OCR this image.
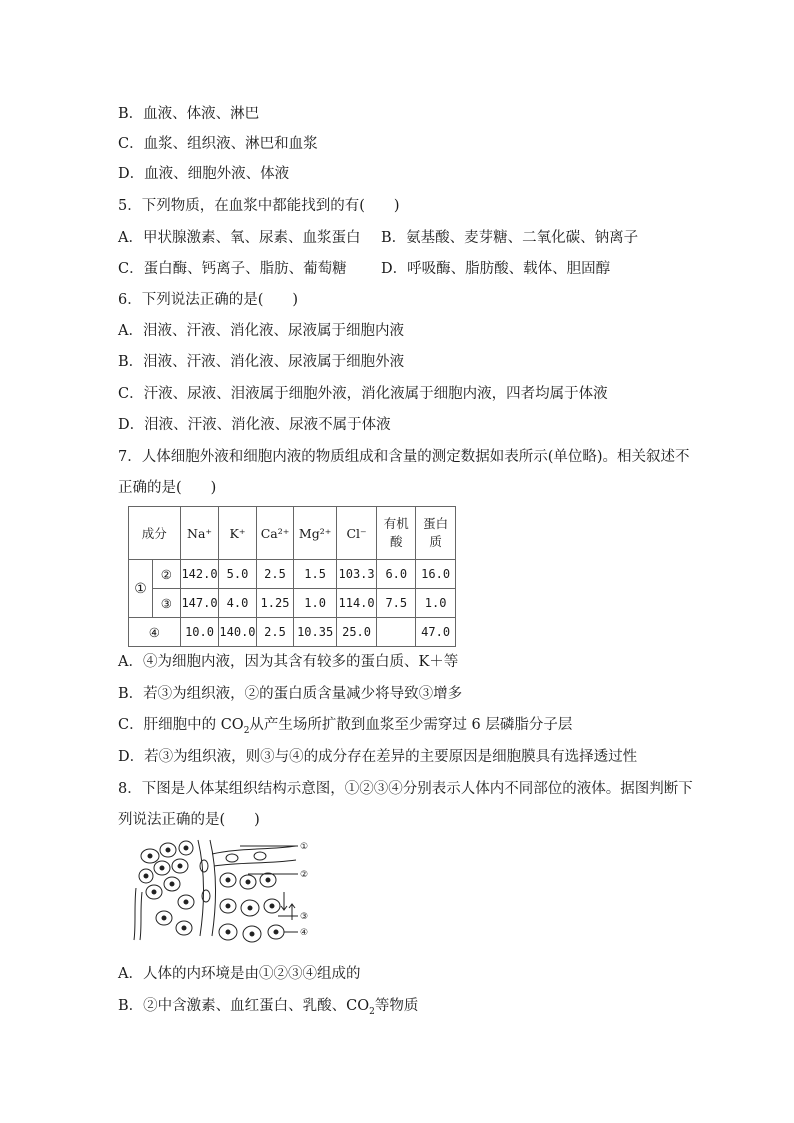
B．血液、体液、淋巴
C．血浆、组织液、淋巴和血浆
D．血液、细胞外液、体液
5．下列物质，在血浆中都能找到的有(　　)
A．甲状腺激素、氧、尿素、血浆蛋白 B．氨基酸、麦芽糖、二氧化碳、钠离子
C．蛋白酶、钙离子、脂肪、葡萄糖 D．呼吸酶、脂肪酸、载体、胆固醇
6．下列说法正确的是(　　)
A．泪液、汗液、消化液、尿液属于细胞内液
B．泪液、汗液、消化液、尿液属于细胞外液
C．汗液、尿液、泪液属于细胞外液，消化液属于细胞内液，四者均属于体液
D．泪液、汗液、消化液、尿液不属于体液
7．人体细胞外液和细胞内液的物质组成和含量的测定数据如表所示(单位略)。相关叙述不
正确的是(　　)
成分		Na⁺	K⁺	Ca²⁺	Mg²⁺	Cl⁻	有机酸	蛋白质
①	②	142.0	5.0	2.5	1.5	103.3	6.0	16.0
	③	147.0	4.0	1.25	1.0	114.0	7.5	1.0
④		10.0	140.0	2.5	10.35	25.0		47.0
A．④为细胞内液，因为其含有较多的蛋白质、K＋等
B．若③为组织液，②的蛋白质含量减少将导致③增多
C．肝细胞中的 $CO_2$从产生场所扩散到血浆至少需穿过 6 层磷脂分子层
D．若③为组织液，则③与④的成分存在差异的主要原因是细胞膜具有选择透过性
8．下图是人体某组织结构示意图，①②③④分别表示人体内不同部位的液体。据图判断下
列说法正确的是(　　)
①
②
③
④
A．人体的内环境是由①②③④组成的
B．②中含激素、血红蛋白、乳酸、$CO_2$等物质
